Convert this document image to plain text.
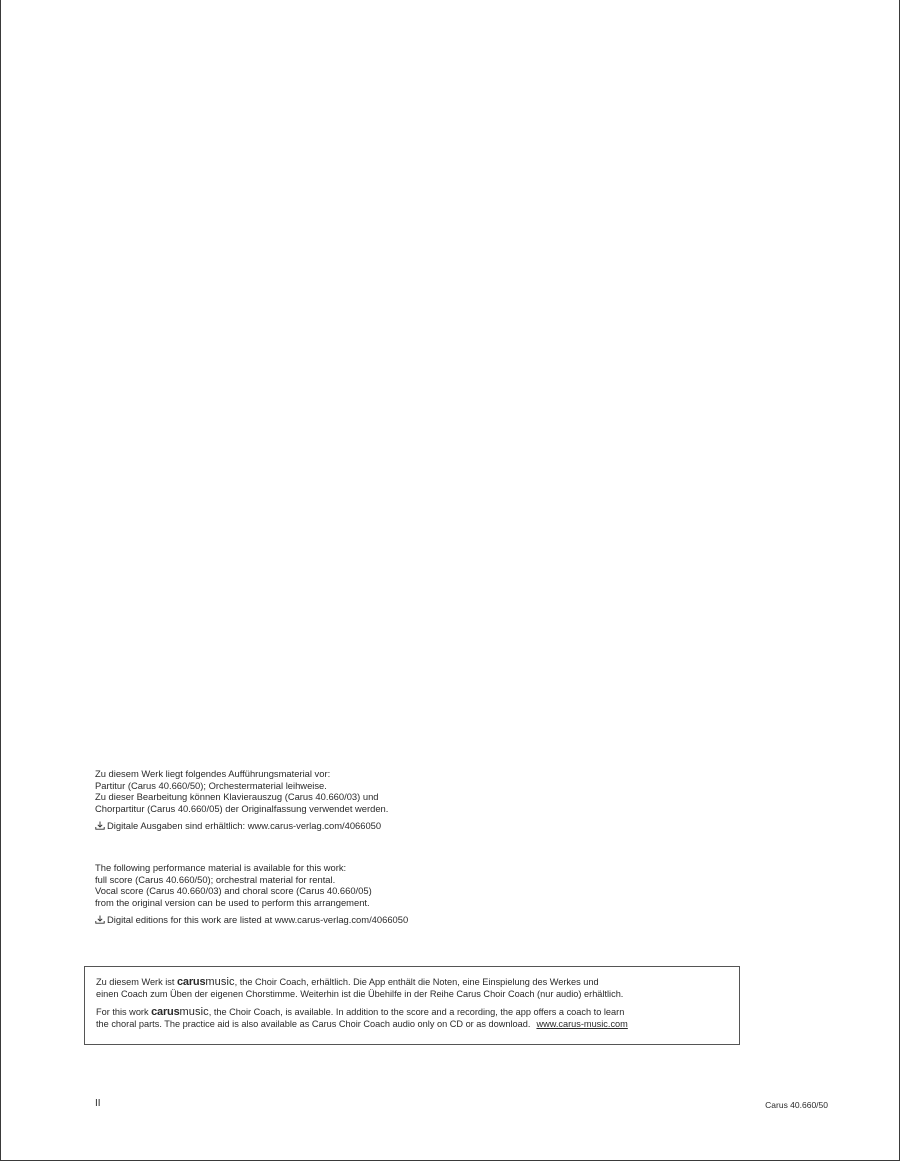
Zu diesem Werk liegt folgendes Aufführungsmaterial vor:
Partitur (Carus 40.660/50); Orchestermaterial leihweise.
Zu dieser Bearbeitung können Klavierauszug (Carus 40.660/03) und
Chorpartitur (Carus 40.660/05) der Originalfassung verwendet werden.
Digitale Ausgaben sind erhältlich: www.carus-verlag.com/4066050
The following performance material is available for this work:
full score (Carus 40.660/50); orchestral material for rental.
Vocal score (Carus 40.660/03) and choral score (Carus 40.660/05)
from the original version can be used to perform this arrangement.
Digital editions for this work are listed at www.carus-verlag.com/4066050

Zu diesem Werk ist carusmusic, the Choir Coach, erhältlich. Die App enthält die Noten, eine Einspielung des Werkes und
einen Coach zum Üben der eigenen Chorstimme. Weiterhin ist die Übehilfe in der Reihe Carus Choir Coach (nur audio) erhältlich.

For this work carusmusic, the Choir Coach, is available. In addition to the score and a recording, the app offers a coach to learn
the choral parts. The practice aid is also available as Carus Choir Coach audio only on CD or as download. www.carus-music.com

II	Carus 40.660/50
